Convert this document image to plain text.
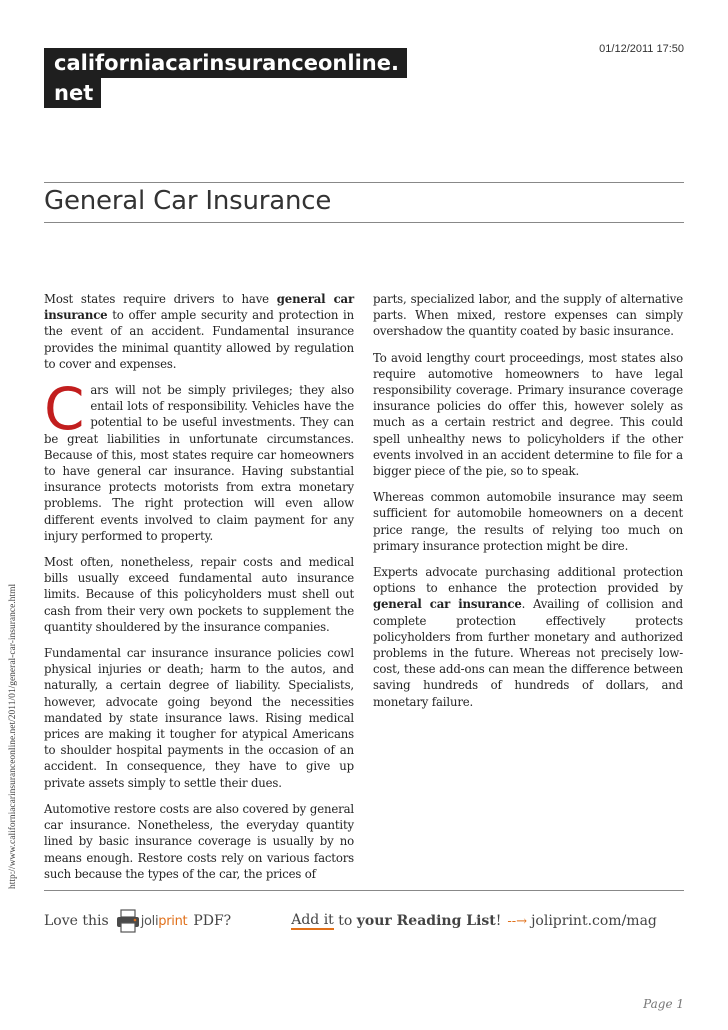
californiacarinsuranceonline.
net
01/12/2011 17:50
General Car Insurance

Most states require drivers to have general car insurance to offer ample security and protection in the event of an accident. Fundamental insurance provides the minimal quantity allowed by regulation to cover and expenses.

Cars will not be simply privileges; they also entail lots of responsibility. Vehicles have the potential to be useful investments. They can be great liabilities in unfortunate circumstances. Because of this, most states require car homeowners to have general car insurance. Having substantial insurance protects motorists from extra monetary problems. The right protection will even allow different events involved to claim payment for any injury performed to property.

Most often, nonetheless, repair costs and medical bills usually exceed fundamental auto insurance limits. Because of this policyholders must shell out cash from their very own pockets to supplement the quantity shouldered by the insurance companies.

Fundamental car insurance insurance policies cowl physical injuries or death; harm to the autos, and naturally, a certain degree of liability. Specialists, however, advocate going beyond the necessities mandated by state insurance laws. Rising medical prices are making it tougher for atypical Americans to shoulder hospital payments in the occasion of an accident. In consequence, they have to give up private assets simply to settle their dues.

Automotive restore costs are also covered by general car insurance. Nonetheless, the everyday quantity lined by basic insurance coverage is usually by no means enough. Restore costs rely on various factors such because the types of the car, the prices of

parts, specialized labor, and the supply of alternative parts. When mixed, restore expenses can simply overshadow the quantity coated by basic insurance.

To avoid lengthy court proceedings, most states also require automotive homeowners to have legal responsibility coverage. Primary insurance coverage insurance policies do offer this, however solely as much as a certain restrict and degree. This could spell unhealthy news to policyholders if the other events involved in an accident determine to file for a bigger piece of the pie, so to speak.

Whereas common automobile insurance may seem sufficient for automobile homeowners on a decent price range, the results of relying too much on primary insurance protection might be dire.

Experts advocate purchasing additional protection options to enhance the protection provided by general car insurance. Availing of collision and complete protection effectively protects policyholders from further monetary and authorized problems in the future. Whereas not precisely low-cost, these add-ons can mean the difference between saving hundreds of hundreds of dollars, and monetary failure.

http://www.californiacarinsuranceonline.net/2011/01/general-car-insurance.html
Love this joliprint PDF?	Add it to your Reading List ! ‐‐→ joliprint.com/mag
Page 1
